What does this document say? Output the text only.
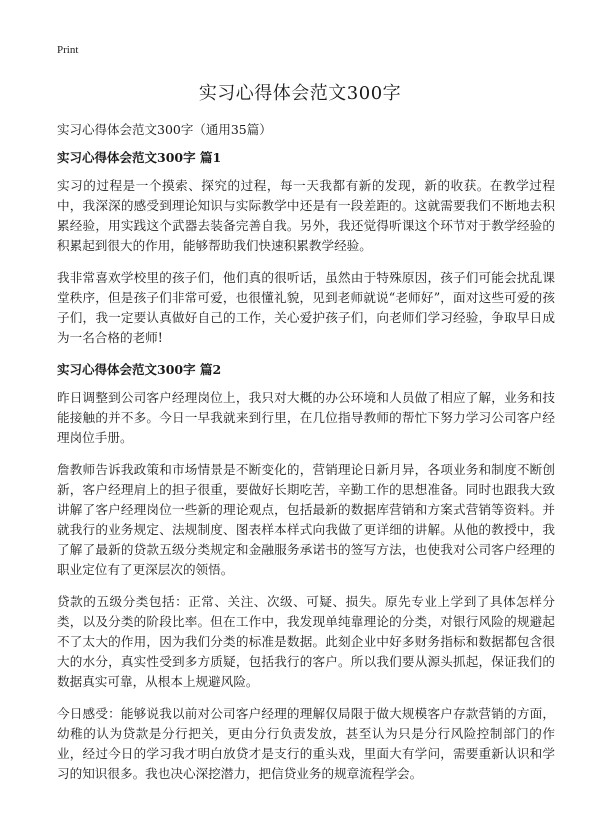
Print
实习心得体会范文300字

实习心得体会范文300字（通用35篇）

实习心得体会范文300字 篇1

实习的过程是一个摸索、探究的过程，每一天我都有新的发现，新的收获。在教学过程中，我深深的感受到理论知识与实际教学中还是有一段差距的。这就需要我们不断地去积累经验，用实践这个武器去装备完善自我。另外，我还觉得听课这个环节对于教学经验的积累起到很大的作用，能够帮助我们快速积累教学经验。

我非常喜欢学校里的孩子们，他们真的很听话，虽然由于特殊原因，孩子们可能会扰乱课堂秩序，但是孩子们非常可爱，也很懂礼貌，见到老师就说“老师好”，面对这些可爱的孩子们，我一定要认真做好自己的工作，关心爱护孩子们，向老师们学习经验，争取早日成为一名合格的老师!

实习心得体会范文300字 篇2

昨日调整到公司客户经理岗位上，我只对大概的办公环境和人员做了相应了解，业务和技能接触的并不多。今日一早我就来到行里，在几位指导教师的帮忙下努力学习公司客户经理岗位手册。

詹教师告诉我政策和市场情景是不断变化的，营销理论日新月异，各项业务和制度不断创新，客户经理肩上的担子很重，要做好长期吃苦，辛勤工作的思想准备。同时也跟我大致讲解了客户经理岗位一些新的理论观点，包括最新的数据库营销和方案式营销等资料。并就我行的业务规定、法规制度、图表样本样式向我做了更详细的讲解。从他的教授中，我了解了最新的贷款五级分类规定和金融服务承诺书的签写方法，也使我对公司客户经理的职业定位有了更深层次的领悟。

贷款的五级分类包括：正常、关注、次级、可疑、损失。原先专业上学到了具体怎样分类，以及分类的阶段比率。但在工作中，我发现单纯靠理论的分类，对银行风险的规避起不了太大的作用，因为我们分类的标准是数据。此刻企业中好多财务指标和数据都包含很大的水分，真实性受到多方质疑，包括我行的客户。所以我们要从源头抓起，保证我们的数据真实可靠，从根本上规避风险。

今日感受：能够说我以前对公司客户经理的理解仅局限于做大规模客户存款营销的方面，幼稚的认为贷款是分行把关，更由分行负责发放，甚至认为只是分行风险控制部门的作业，经过今日的学习我才明白放贷才是支行的重头戏，里面大有学问，需要重新认识和学习的知识很多。我也决心深挖潜力，把信贷业务的规章流程学会。
